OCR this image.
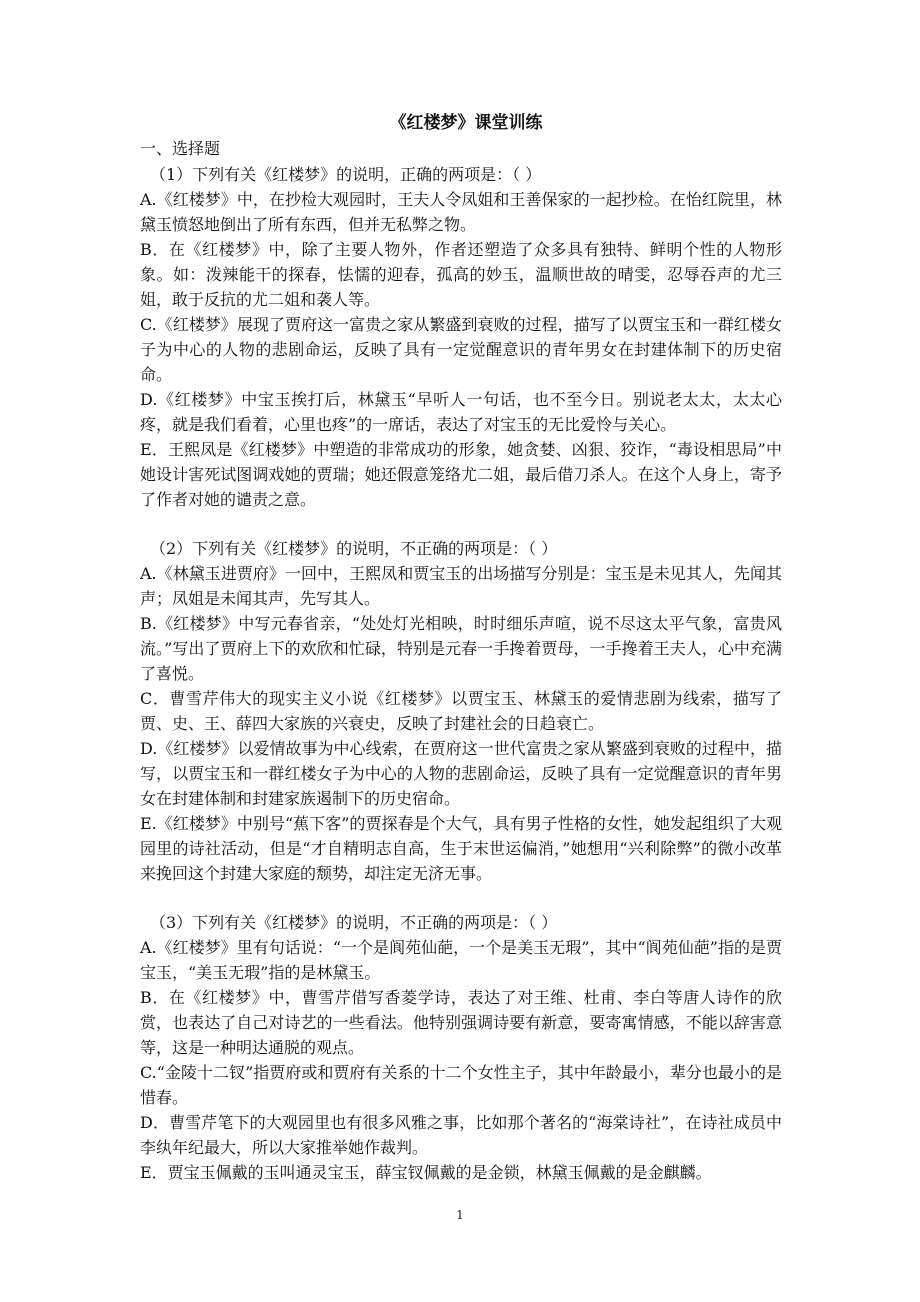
《红楼梦》课堂训练

一、选择题

（1）下列有关《红楼梦》的说明，正确的两项是：（ ）

A.《红楼梦》中，在抄检大观园时，王夫人令凤姐和王善保家的一起抄检。在怡红院里，林黛玉愤怒地倒出了所有东西，但并无私弊之物。

B．在《红楼梦》中，除了主要人物外，作者还塑造了众多具有独特、鲜明个性的人物形象。如：泼辣能干的探春，怯懦的迎春，孤高的妙玉，温顺世故的晴雯，忍辱吞声的尤三姐，敢于反抗的尤二姐和袭人等。

C.《红楼梦》展现了贾府这一富贵之家从繁盛到衰败的过程，描写了以贾宝玉和一群红楼女子为中心的人物的悲剧命运，反映了具有一定觉醒意识的青年男女在封建体制下的历史宿命。

D.《红楼梦》中宝玉挨打后，林黛玉“早听人一句话，也不至今日。别说老太太，太太心疼，就是我们看着，心里也疼”的一席话，表达了对宝玉的无比爱怜与关心。

E．王熙凤是《红楼梦》中塑造的非常成功的形象，她贪婪、凶狠、狡诈，“毒设相思局”中她设计害死试图调戏她的贾瑞；她还假意笼络尤二姐，最后借刀杀人。在这个人身上，寄予了作者对她的谴责之意。

（2）下列有关《红楼梦》的说明，不正确的两项是：（ ）

A.《林黛玉进贾府》一回中，王熙凤和贾宝玉的出场描写分别是：宝玉是未见其人，先闻其声；凤姐是未闻其声，先写其人。

B.《红楼梦》中写元春省亲，“处处灯光相映，时时细乐声喧，说不尽这太平气象，富贵风流。”写出了贾府上下的欢欣和忙碌，特别是元春一手搀着贾母，一手搀着王夫人，心中充满了喜悦。

C．曹雪芹伟大的现实主义小说《红楼梦》以贾宝玉、林黛玉的爱情悲剧为线索，描写了贾、史、王、薛四大家族的兴衰史，反映了封建社会的日趋衰亡。

D.《红楼梦》以爱情故事为中心线索，在贾府这一世代富贵之家从繁盛到衰败的过程中，描写，以贾宝玉和一群红楼女子为中心的人物的悲剧命运，反映了具有一定觉醒意识的青年男女在封建体制和封建家族遏制下的历史宿命。

E.《红楼梦》中别号“蕉下客”的贾探春是个大气，具有男子性格的女性，她发起组织了大观园里的诗社活动，但是“才自精明志自高，生于末世运偏消，”她想用“兴利除弊”的微小改革来挽回这个封建大家庭的颓势，却注定无济无事。

（3）下列有关《红楼梦》的说明，不正确的两项是：（ ）

A.《红楼梦》里有句话说：“一个是阆苑仙葩，一个是美玉无瑕”，其中“阆苑仙葩”指的是贾宝玉，“美玉无瑕”指的是林黛玉。

B．在《红楼梦》中，曹雪芹借写香菱学诗，表达了对王维、杜甫、李白等唐人诗作的欣赏，也表达了自己对诗艺的一些看法。他特别强调诗要有新意，要寄寓情感，不能以辞害意等，这是一种明达通脱的观点。

C.“金陵十二钗”指贾府或和贾府有关系的十二个女性主子，其中年龄最小，辈分也最小的是惜春。

D．曹雪芹笔下的大观园里也有很多风雅之事，比如那个著名的“海棠诗社”，在诗社成员中李纨年纪最大，所以大家推举她作裁判。

E．贾宝玉佩戴的玉叫通灵宝玉，薛宝钗佩戴的是金锁，林黛玉佩戴的是金麒麟。

1
